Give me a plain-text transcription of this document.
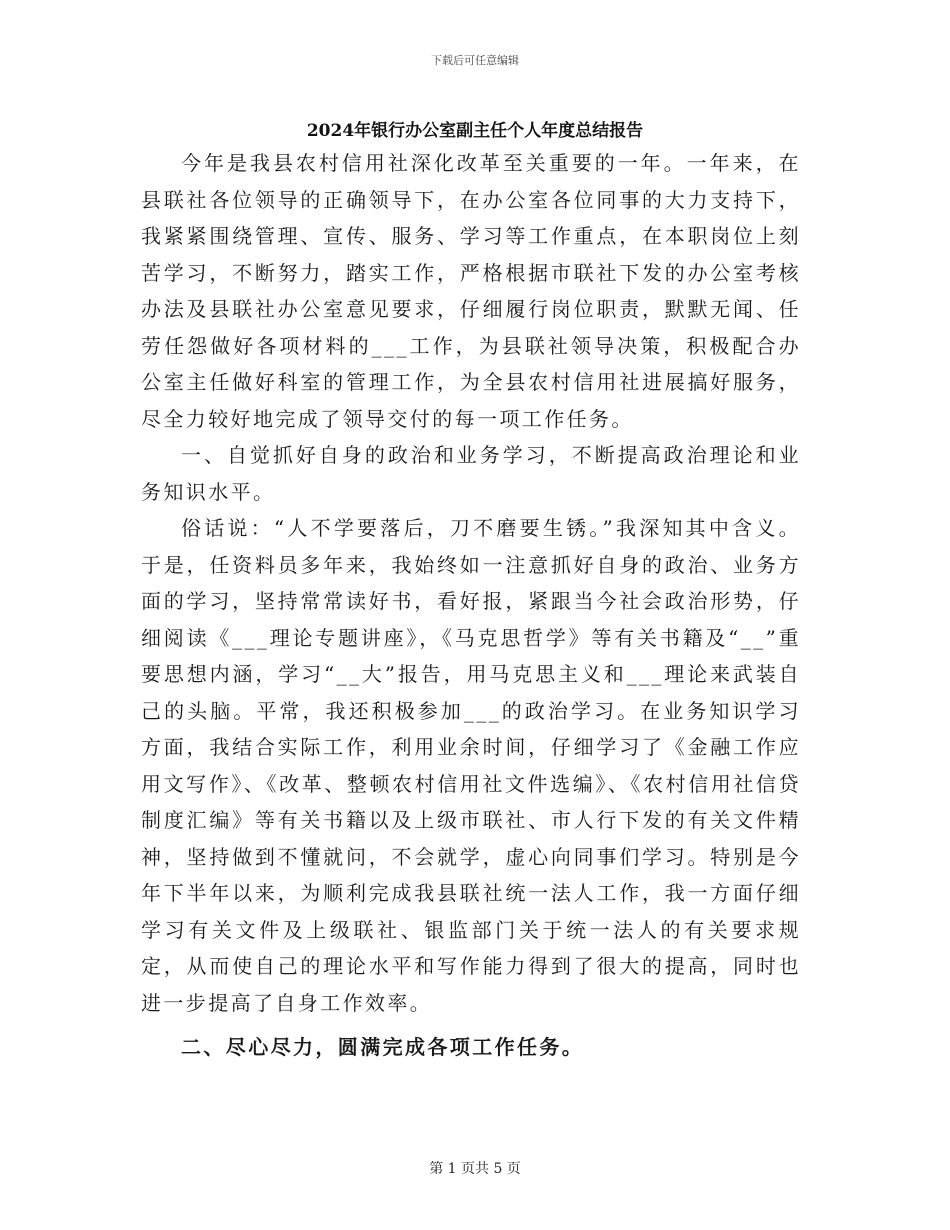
下载后可任意编辑
2024年银行办公室副主任个人年度总结报告

今年是我县农村信用社深化改革至关重要的一年。一年来，在县联社各位领导的正确领导下，在办公室各位同事的大力支持下，我紧紧围绕管理、宣传、服务、学习等工作重点，在本职岗位上刻苦学习，不断努力，踏实工作，严格根据市联社下发的办公室考核办法及县联社办公室意见要求，仔细履行岗位职责，默默无闻、任劳任怨做好各项材料的___工作，为县联社领导决策，积极配合办公室主任做好科室的管理工作，为全县农村信用社进展搞好服务，尽全力较好地完成了领导交付的每一项工作任务。

一、自觉抓好自身的政治和业务学习，不断提高政治理论和业务知识水平。

俗话说：“人不学要落后，刀不磨要生锈。”我深知其中含义。于是，任资料员多年来，我始终如一注意抓好自身的政治、业务方面的学习，坚持常常读好书，看好报，紧跟当今社会政治形势，仔细阅读《___理论专题讲座》，《马克思哲学》等有关书籍及“__”重要思想内涵，学习“__大”报告，用马克思主义和___理论来武装自己的头脑。平常，我还积极参加___的政治学习。在业务知识学习方面，我结合实际工作，利用业余时间，仔细学习了《金融工作应用文写作》、《改革、整顿农村信用社文件选编》、《农村信用社信贷制度汇编》等有关书籍以及上级市联社、市人行下发的有关文件精神，坚持做到不懂就问，不会就学，虚心向同事们学习。特别是今年下半年以来，为顺利完成我县联社统一法人工作，我一方面仔细学习有关文件及上级联社、银监部门关于统一法人的有关要求规定，从而使自己的理论水平和写作能力得到了很大的提高，同时也进一步提高了自身工作效率。

二、尽心尽力，圆满完成各项工作任务。

第 1 页共 5 页
